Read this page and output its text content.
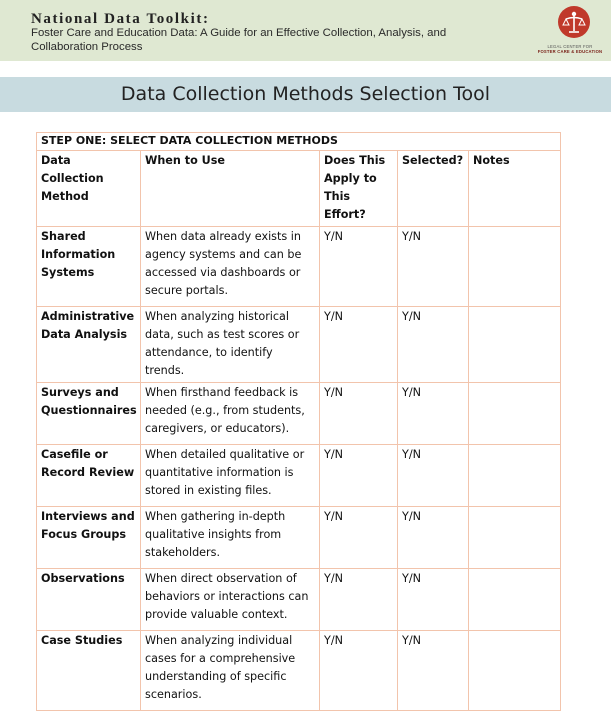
National Data Toolkit:
Foster Care and Education Data: A Guide for an Effective Collection, Analysis, and Collaboration Process	LEGAL CENTER FOR
FOSTER CARE & EDUCATION
Data Collection Methods Selection Tool
STEP ONE: SELECT DATA COLLECTION METHODS				
Data Collection Method	When to Use	Does This Apply to This Effort?	Selected?	Notes
Shared Information Systems	When data already exists in agency systems and can be accessed via dashboards or secure portals.	Y/N	Y/N	
Administrative Data Analysis	When analyzing historical data, such as test scores or attendance, to identify trends.	Y/N	Y/N	
Surveys and Questionnaires	When firsthand feedback is needed (e.g., from students, caregivers, or educators).	Y/N	Y/N	
Casefile or Record Review	When detailed qualitative or quantitative information is stored in existing files.	Y/N	Y/N	
Interviews and Focus Groups	When gathering in-depth qualitative insights from stakeholders.	Y/N	Y/N	
Observations	When direct observation of behaviors or interactions can provide valuable context.	Y/N	Y/N	
Case Studies	When analyzing individual cases for a comprehensive understanding of specific scenarios.	Y/N	Y/N	
